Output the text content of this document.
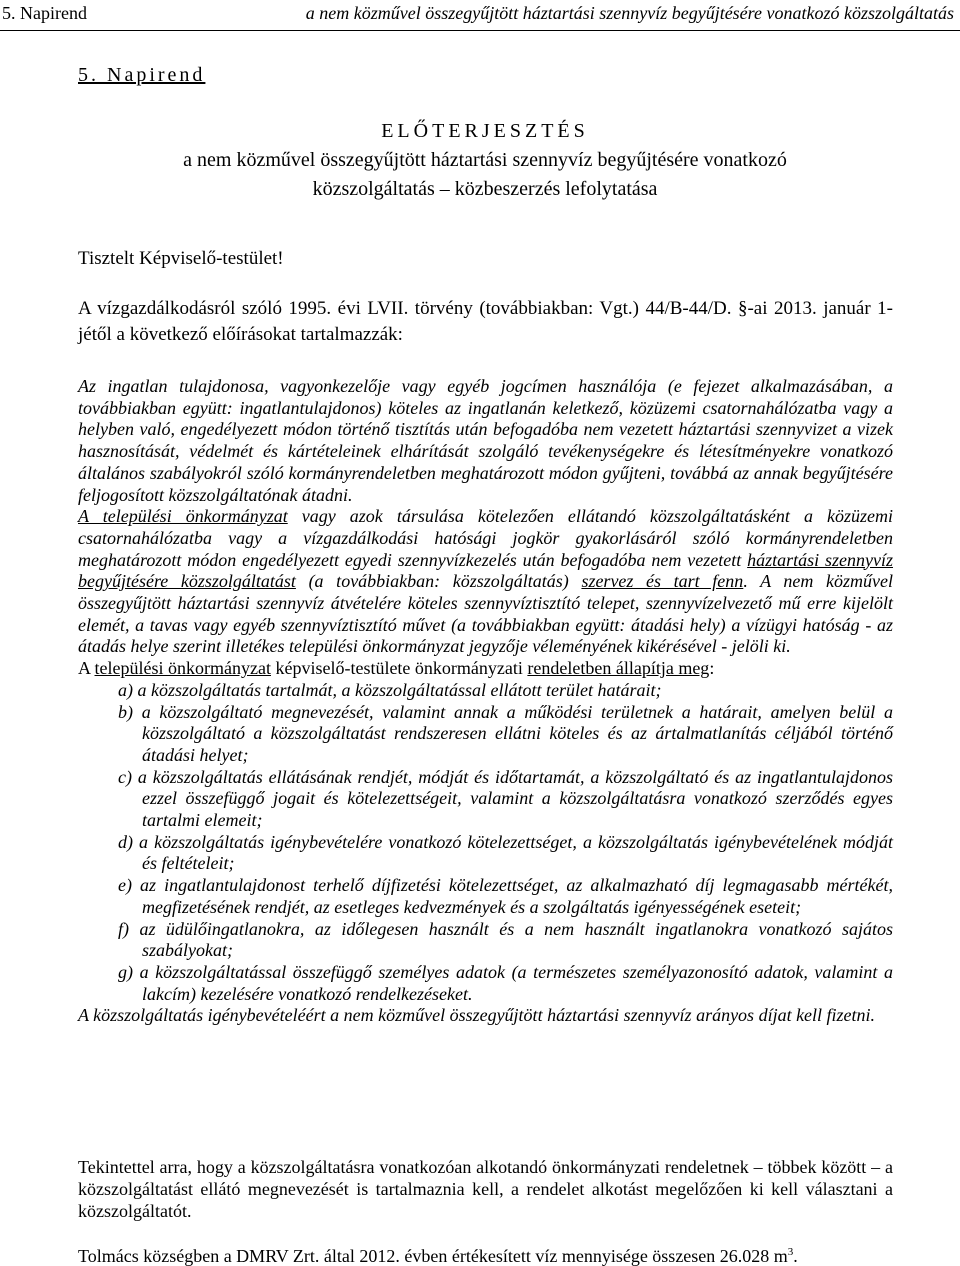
5. Napirend	a nem közművel összegyűjtött háztartási szennyvíz begyűjtésére vonatkozó közszolgáltatás
5. Napirend
ELŐTERJESZTÉS
a nem közművel összegyűjtött háztartási szennyvíz begyűjtésére vonatkozó
közszolgáltatás – közbeszerzés lefolytatása
Tisztelt Képviselő-testület!
A vízgazdálkodásról szóló 1995. évi LVII. törvény (továbbiakban: Vgt.) 44/B-44/D. §-ai 2013. január 1-jétől a következő előírásokat tartalmazzák:

Az ingatlan tulajdonosa, vagyonkezelője vagy egyéb jogcímen használója (e fejezet alkalmazásában, a továbbiakban együtt: ingatlantulajdonos) köteles az ingatlanán keletkező, közüzemi csatornahálózatba vagy a helyben való, engedélyezett módon történő tisztítás után befogadóba nem vezetett háztartási szennyvizet a vizek hasznosítását, védelmét és kártételeinek elhárítását szolgáló tevékenységekre és létesítményekre vonatkozó általános szabályokról szóló kormányrendeletben meghatározott módon gyűjteni, továbbá az annak begyűjtésére feljogosított közszolgáltatónak átadni.

A települési önkormányzat vagy azok társulása kötelezően ellátandó közszolgáltatásként a közüzemi csatornahálózatba vagy a vízgazdálkodási hatósági jogkör gyakorlásáról szóló kormányrendeletben meghatározott módon engedélyezett egyedi szennyvízkezelés után befogadóba nem vezetett háztartási szennyvíz begyűjtésére közszolgáltatást (a továbbiakban: közszolgáltatás) szervez és tart fenn. A nem közművel összegyűjtött háztartási szennyvíz átvételére köteles szennyvíztisztító telepet, szennyvízelvezető mű erre kijelölt elemét, a tavas vagy egyéb szennyvíztisztító művet (a továbbiakban együtt: átadási hely) a vízügyi hatóság - az átadás helye szerint illetékes települési önkormányzat jegyzője véleményének kikérésével - jelöli ki.

A települési önkormányzat képviselő-testülete önkormányzati rendeletben állapítja meg:

a) a közszolgáltatás tartalmát, a közszolgáltatással ellátott terület határait;

b) a közszolgáltató megnevezését, valamint annak a működési területnek a határait, amelyen belül a közszolgáltató a közszolgáltatást rendszeresen ellátni köteles és az ártalmatlanítás céljából történő átadási helyet;

c) a közszolgáltatás ellátásának rendjét, módját és időtartamát, a közszolgáltató és az ingatlantulajdonos ezzel összefüggő jogait és kötelezettségeit, valamint a közszolgáltatásra vonatkozó szerződés egyes tartalmi elemeit;

d) a közszolgáltatás igénybevételére vonatkozó kötelezettséget, a közszolgáltatás igénybevételének módját és feltételeit;

e) az ingatlantulajdonost terhelő díjfizetési kötelezettséget, az alkalmazható díj legmagasabb mértékét, megfizetésének rendjét, az esetleges kedvezmények és a szolgáltatás igényességének eseteit;

f) az üdülőingatlanokra, az időlegesen használt és a nem használt ingatlanokra vonatkozó sajátos szabályokat;

g) a közszolgáltatással összefüggő személyes adatok (a természetes személyazonosító adatok, valamint a lakcím) kezelésére vonatkozó rendelkezéseket.

A közszolgáltatás igénybevételéért a nem közművel összegyűjtött háztartási szennyvíz arányos díjat kell fizetni.

Tekintettel arra, hogy a közszolgáltatásra vonatkozóan alkotandó önkormányzati rendeletnek – többek között – a közszolgáltatást ellátó megnevezését is tartalmaznia kell, a rendelet alkotást megelőzően ki kell választani a közszolgáltatót.
Tolmács községben a DMRV Zrt. által 2012. évben értékesített víz mennyisége összesen 26.028 $m^3$.
